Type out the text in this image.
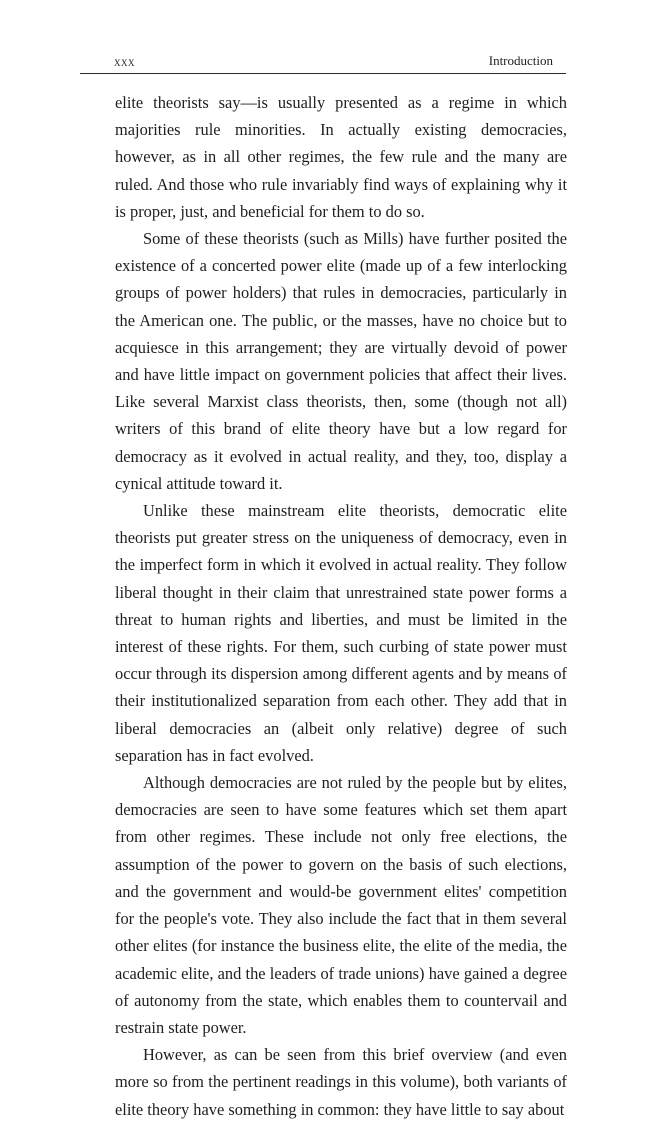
xxx	Introduction

elite theorists say—is usually presented as a regime in which majorities rule minorities. In actually existing democracies, however, as in all other regimes, the few rule and the many are ruled. And those who rule invariably find ways of explaining why it is proper, just, and beneficial for them to do so.

Some of these theorists (such as Mills) have further posited the existence of a concerted power elite (made up of a few interlocking groups of power holders) that rules in democracies, particularly in the American one. The public, or the masses, have no choice but to acquiesce in this arrangement; they are virtually devoid of power and have little impact on government policies that affect their lives. Like several Marxist class theorists, then, some (though not all) writers of this brand of elite theory have but a low regard for democracy as it evolved in actual reality, and they, too, display a cynical attitude toward it.

Unlike these mainstream elite theorists, democratic elite theorists put greater stress on the uniqueness of democracy, even in the imperfect form in which it evolved in actual reality. They follow liberal thought in their claim that unrestrained state power forms a threat to human rights and liberties, and must be limited in the interest of these rights. For them, such curbing of state power must occur through its dispersion among different agents and by means of their institutionalized separation from each other. They add that in liberal democracies an (albeit only relative) degree of such separation has in fact evolved.

Although democracies are not ruled by the people but by elites, democracies are seen to have some features which set them apart from other regimes. These include not only free elections, the assumption of the power to govern on the basis of such elections, and the government and would-be government elites' competition for the people's vote. They also include the fact that in them several other elites (for instance the business elite, the elite of the media, the academic elite, and the leaders of trade unions) have gained a degree of autonomy from the state, which enables them to countervail and restrain state power.

However, as can be seen from this brief overview (and even more so from the pertinent readings in this volume), both variants of elite theory have something in common: they have little to say about
